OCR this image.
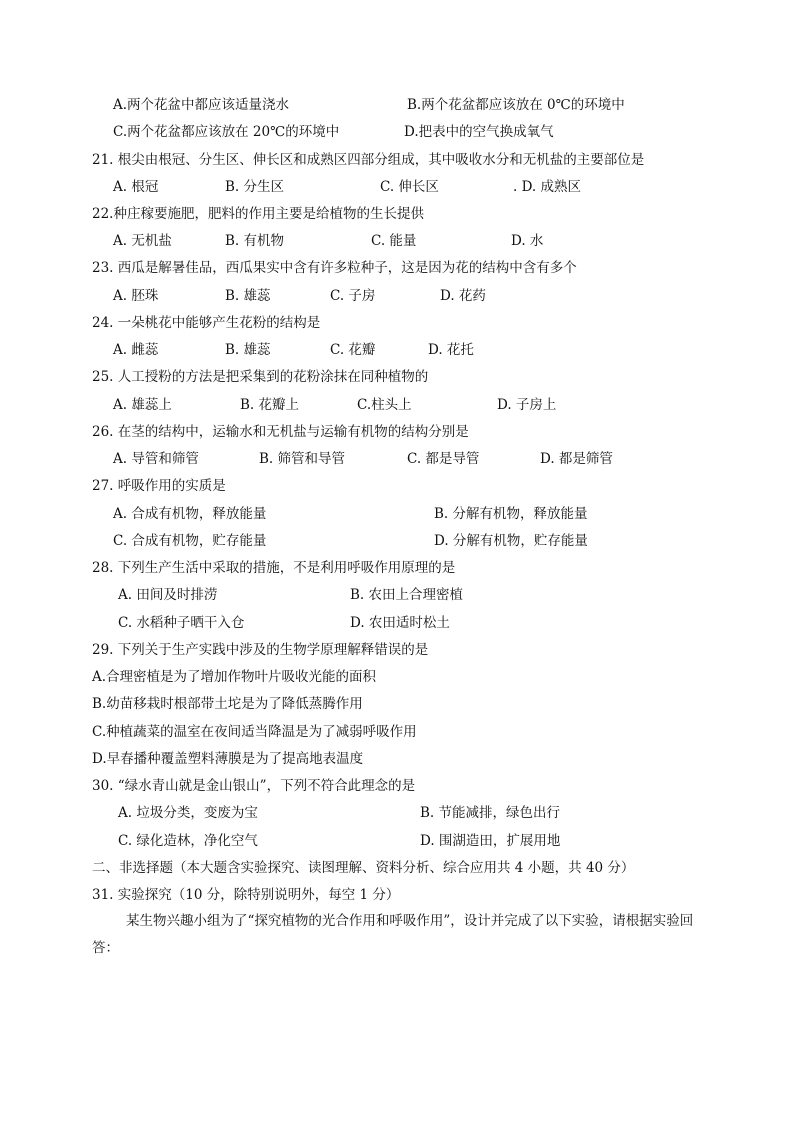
A.两个花盆中都应该适量浇水	B.两个花盆都应该放在 0℃的环境中
C.两个花盆都应该放在 20℃的环境中	D.把表中的空气换成氧气
21. 根尖由根冠、分生区、伸长区和成熟区四部分组成，其中吸收水分和无机盐的主要部位是
A. 根冠	B. 分生区	C. 伸长区	. D. 成熟区
22.种庄稼要施肥，肥料的作用主要是给植物的生长提供
A. 无机盐	B. 有机物	C. 能量	D. 水
23. 西瓜是解暑佳品，西瓜果实中含有许多粒种子，这是因为花的结构中含有多个
A. 胚珠	B. 雄蕊	C. 子房	D. 花药
24. 一朵桃花中能够产生花粉的结构是
A. 雌蕊	B. 雄蕊	C. 花瓣	D. 花托
25. 人工授粉的方法是把采集到的花粉涂抹在同种植物的
A. 雄蕊上	B. 花瓣上	C.柱头上	D. 子房上
26. 在茎的结构中，运输水和无机盐与运输有机物的结构分别是
A. 导管和筛管	B. 筛管和导管	C. 都是导管	D. 都是筛管
27. 呼吸作用的实质是
A. 合成有机物，释放能量	B. 分解有机物，释放能量
C. 合成有机物，贮存能量	D. 分解有机物，贮存能量
28. 下列生产生活中采取的措施，不是利用呼吸作用原理的是
A. 田间及时排涝	B. 农田上合理密植
C. 水稻种子晒干入仓	D. 农田适时松土
29. 下列关于生产实践中涉及的生物学原理解释错误的是
A.合理密植是为了增加作物叶片吸收光能的面积
B.幼苗移栽时根部带土坨是为了降低蒸腾作用
C.种植蔬菜的温室在夜间适当降温是为了减弱呼吸作用
D.早春播种覆盖塑料薄膜是为了提高地表温度
30. “绿水青山就是金山银山”，下列不符合此理念的是
A. 垃圾分类，变废为宝	B. 节能减排，绿色出行
C. 绿化造林，净化空气	D. 围湖造田，扩展用地
二、非选择题（本大题含实验探究、读图理解、资料分析、综合应用共 4 小题，共 40 分）
31. 实验探究（10 分，除特别说明外，每空 1 分）
某生物兴趣小组为了“探究植物的光合作用和呼吸作用”，设计并完成了以下实验，请根据实验回答：
